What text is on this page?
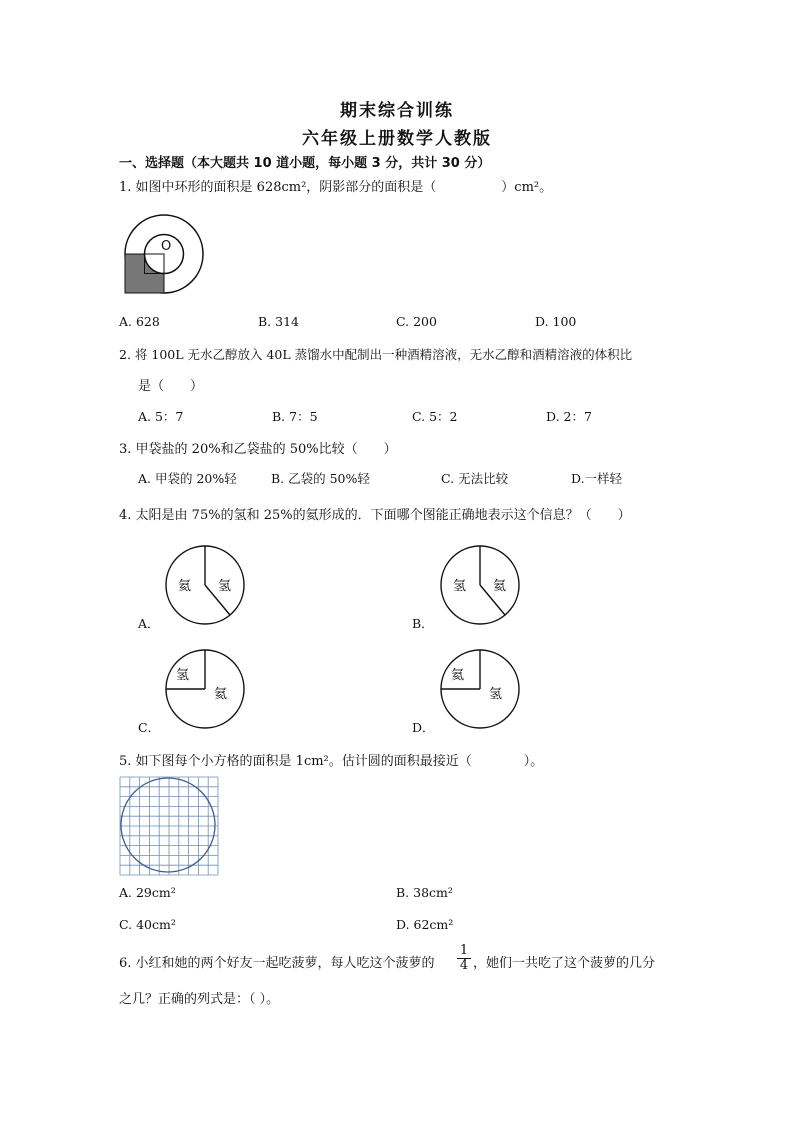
期末综合训练
六年级上册数学人教版
一、选择题（本大题共 10 道小题，每小题 3 分，共计 30 分）
1. 如图中环形的面积是 628cm²，阴影部分的面积是（　　　　　）cm²。
O
A. 628	B. 314	C. 200	D. 100
2. 将 100L 无水乙醇放入 40L 蒸馏水中配制出一种酒精溶液，无水乙醇和酒精溶液的体积比
是（　　）
A. 5：7	B. 7：5	C. 5：2	D. 2：7
3. 甲袋盐的 20%和乙袋盐的 50%比较（　　）
A. 甲袋的 20%轻	B. 乙袋的 50%轻	C. 无法比较	D.一样轻
4. 太阳是由 75%的氢和 25%的氦形成的．下面哪个图能正确地表示这个信息？（　　）
A．
氦 氢
B．
氢 氦
C．
氢
氦
D．
氦
氢
5. 如下图每个小方格的面积是 1cm²。估计圆的面积最接近（　　　　）。
A. 29cm²	B. 38cm²
C. 40cm²	D. 62cm²
6. 小红和她的两个好友一起吃菠萝，每人吃这个菠萝的 $\frac{1}{4}$ ，她们一共吃了这个菠萝的几分
之几？正确的列式是：（ ）。
